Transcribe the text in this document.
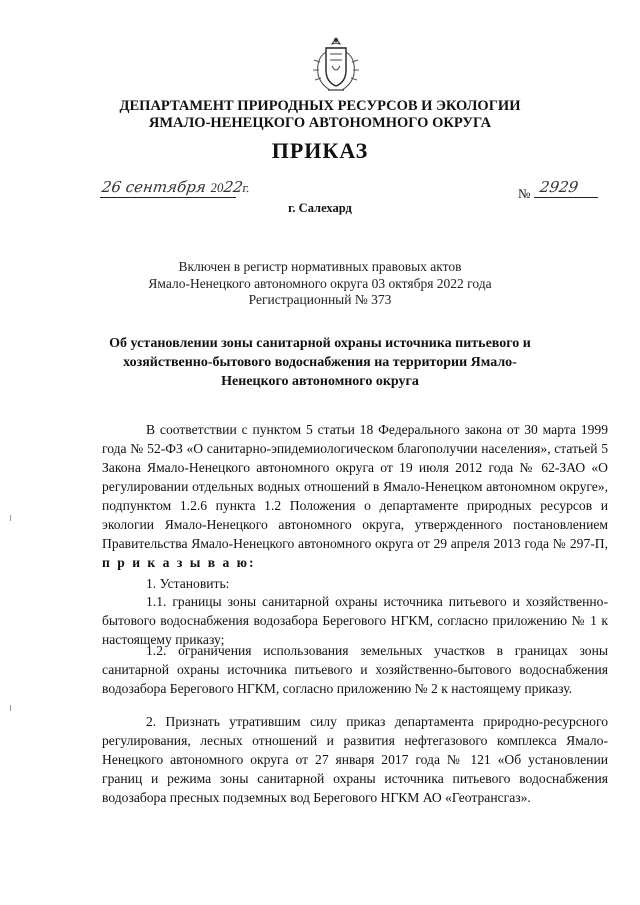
ДЕПАРТАМЕНТ ПРИРОДНЫХ РЕСУРСОВ И ЭКОЛОГИИ
ЯМАЛО-НЕНЕЦКОГО АВТОНОМНОГО ОКРУГА
ПРИКАЗ
26 сентября 2022г.	№ 2929
г. Салехард
Включен в регистр нормативных правовых актов
Ямало-Ненецкого автономного округа 03 октября 2022 года
Регистрационный № 373
Об установлении зоны санитарной охраны источника питьевого и хозяйственно-бытового водоснабжения на территории Ямало-Ненецкого автономного округа
В соответствии с пунктом 5 статьи 18 Федерального закона от 30 марта 1999 года № 52-ФЗ «О санитарно-эпидемиологическом благополучии населения», статьей 5 Закона Ямало-Ненецкого автономного округа от 19 июля 2012 года № 62-ЗАО «О регулировании отдельных водных отношений в Ямало-Ненецком автономном округе», подпунктом 1.2.6 пункта 1.2 Положения о департаменте природных ресурсов и экологии Ямало-Ненецкого автономного округа, утвержденного постановлением Правительства Ямало-Ненецкого автономного округа от 29 апреля 2013 года № 297-П, п р и к а з ы в а ю:
1. Установить:
1.1. границы зоны санитарной охраны источника питьевого и хозяйственно-бытового водоснабжения водозабора Берегового НГКМ, согласно приложению № 1 к настоящему приказу;
1.2. ограничения использования земельных участков в границах зоны санитарной охраны источника питьевого и хозяйственно-бытового водоснабжения водозабора Берегового НГКМ, согласно приложению № 2 к настоящему приказу.
2. Признать утратившим силу приказ департамента природно-ресурсного регулирования, лесных отношений и развития нефтегазового комплекса Ямало-Ненецкого автономного округа от 27 января 2017 года № 121 «Об установлении границ и режима зоны санитарной охраны источника питьевого водоснабжения водозабора пресных подземных вод Берегового НГКМ АО «Геотрансгаз».
